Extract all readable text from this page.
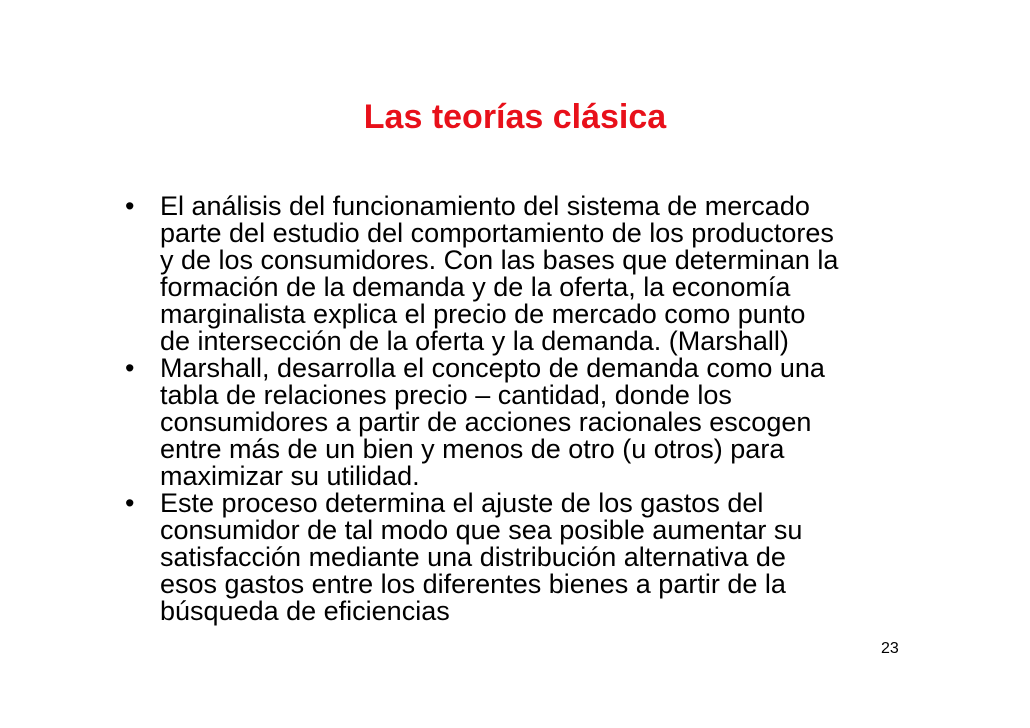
Las teorías clásica
• El análisis del funcionamiento del sistema de mercado
parte del estudio del comportamiento de los productores
y de los consumidores. Con las bases que determinan la
formación de la demanda y de la oferta, la economía
marginalista explica el precio de mercado como punto
de intersección de la oferta y la demanda. (Marshall)
• Marshall, desarrolla el concepto de demanda como una
tabla de relaciones precio – cantidad, donde los
consumidores a partir de acciones racionales escogen
entre más de un bien y menos de otro (u otros) para
maximizar su utilidad.
• Este proceso determina el ajuste de los gastos del
consumidor de tal modo que sea posible aumentar su
satisfacción mediante una distribución alternativa de
esos gastos entre los diferentes bienes a partir de la
búsqueda de eficiencias
23
